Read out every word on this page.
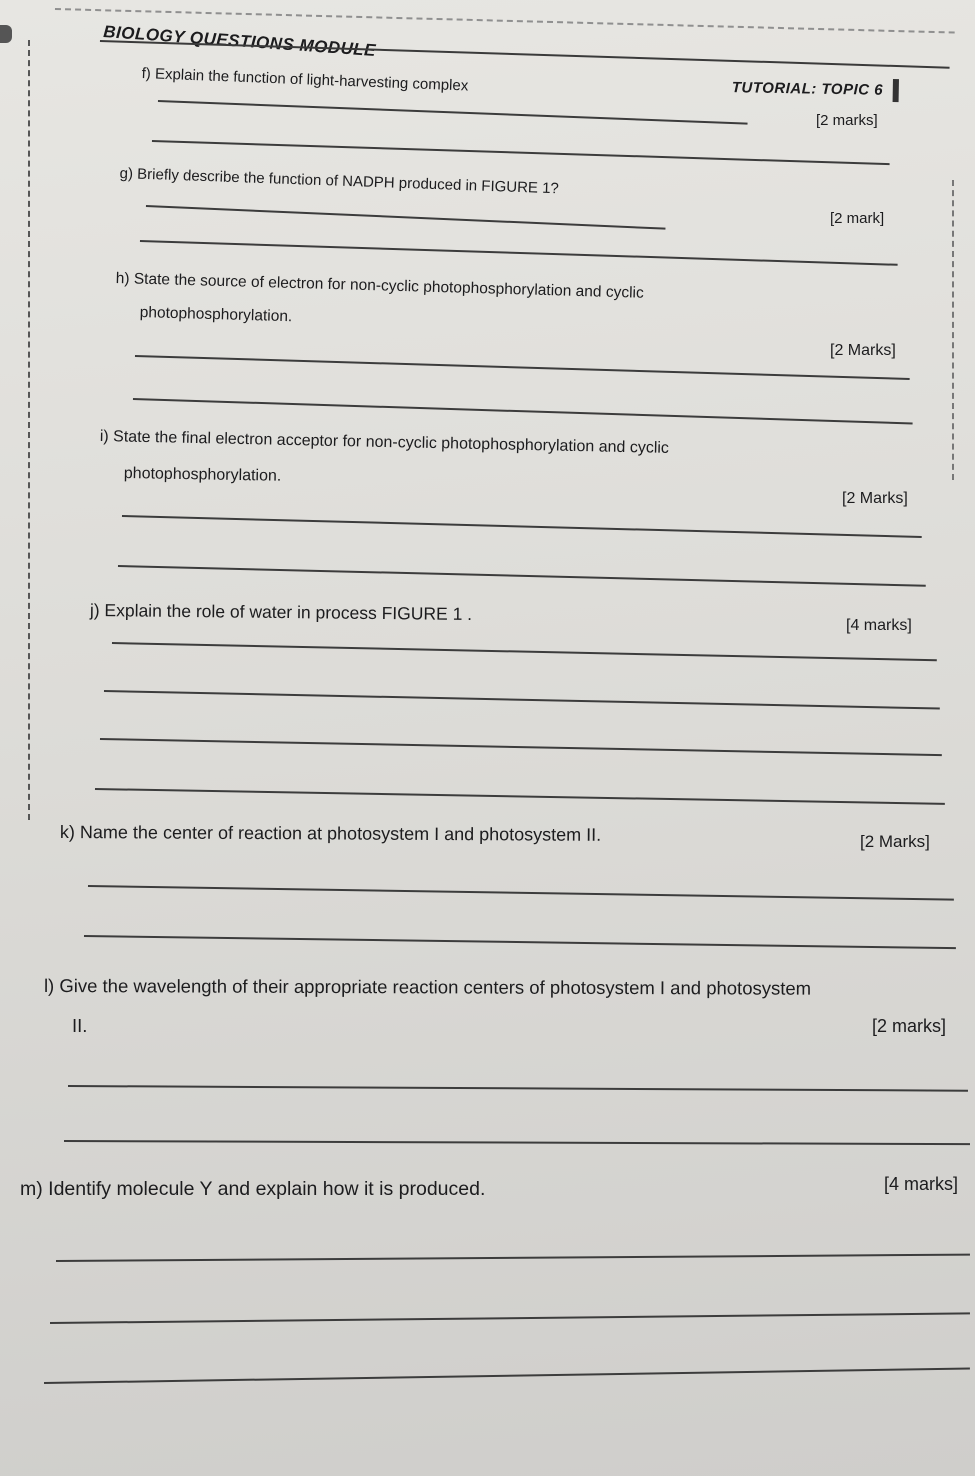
BIOLOGY QUESTIONS MODULE
TUTORIAL: TOPIC 6
f) Explain the function of light-harvesting complex
[2 marks]
g) Briefly describe the function of NADPH produced in FIGURE 1?
[2 mark]
h) State the source of electron for non-cyclic photophosphorylation and cyclic
photophosphorylation.
[2 Marks]
i) State the final electron acceptor for non-cyclic photophosphorylation and cyclic
photophosphorylation.
[2 Marks]
j) Explain the role of water in process FIGURE 1 .
[4 marks]
k) Name the center of reaction at photosystem I and photosystem II.	[2 Marks]
l) Give the wavelength of their appropriate reaction centers of photosystem I and photosystem
II.	[2 marks]
m) Identify molecule Y and explain how it is produced.	[4 marks]
